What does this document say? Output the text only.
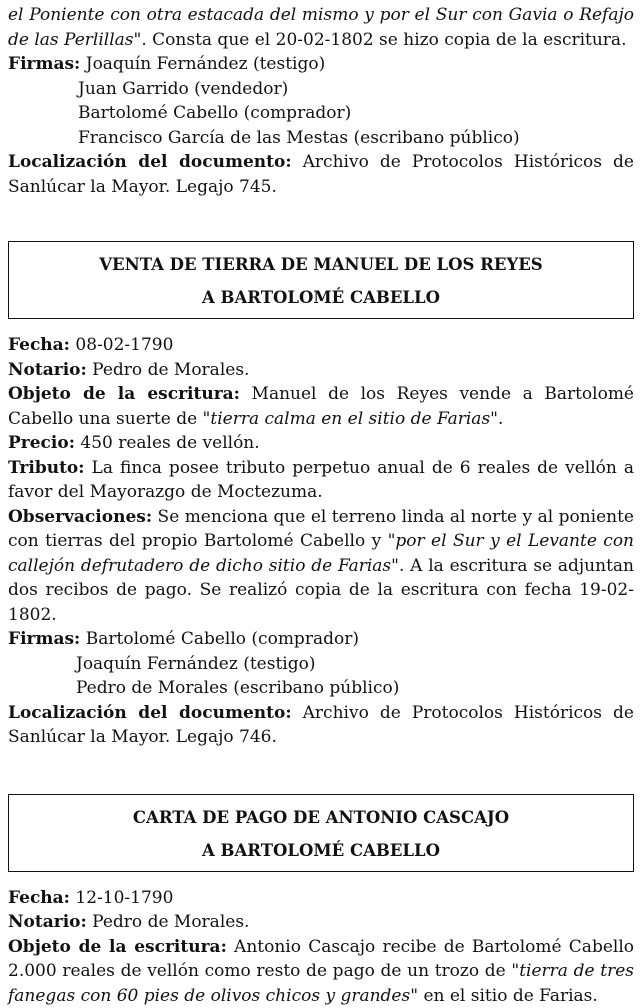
el Poniente con otra estacada del mismo y por el Sur con Gavia o Refajo de las Perlillas". Consta que el 20-02-1802 se hizo copia de la escritura.

Firmas: Joaquín Fernández (testigo)

Juan Garrido (vendedor)

Bartolomé Cabello (comprador)

Francisco García de las Mestas (escribano público)

Localización del documento: Archivo de Protocolos Históricos de Sanlúcar la Mayor. Legajo 745.

VENTA DE TIERRA DE MANUEL DE LOS REYES
A BARTOLOMÉ CABELLO

Fecha: 08-02-1790

Notario: Pedro de Morales.

Objeto de la escritura: Manuel de los Reyes vende a Bartolomé Cabello una suerte de "tierra calma en el sitio de Farias".

Precio: 450 reales de vellón.

Tributo: La finca posee tributo perpetuo anual de 6 reales de vellón a favor del Mayorazgo de Moctezuma.

Observaciones: Se menciona que el terreno linda al norte y al poniente con tierras del propio Bartolomé Cabello y "por el Sur y el Levante con callejón defrutadero de dicho sitio de Farias". A la escritura se adjuntan dos recibos de pago. Se realizó copia de la escritura con fecha 19-02-1802.

Firmas: Bartolomé Cabello (comprador)

Joaquín Fernández (testigo)

Pedro de Morales (escribano público)

Localización del documento: Archivo de Protocolos Históricos de Sanlúcar la Mayor. Legajo 746.

CARTA DE PAGO DE ANTONIO CASCAJO
A BARTOLOMÉ CABELLO

Fecha: 12-10-1790

Notario: Pedro de Morales.

Objeto de la escritura: Antonio Cascajo recibe de Bartolomé Cabello 2.000 reales de vellón como resto de pago de un trozo de "tierra de tres fanegas con 60 pies de olivos chicos y grandes" en el sitio de Farias.
